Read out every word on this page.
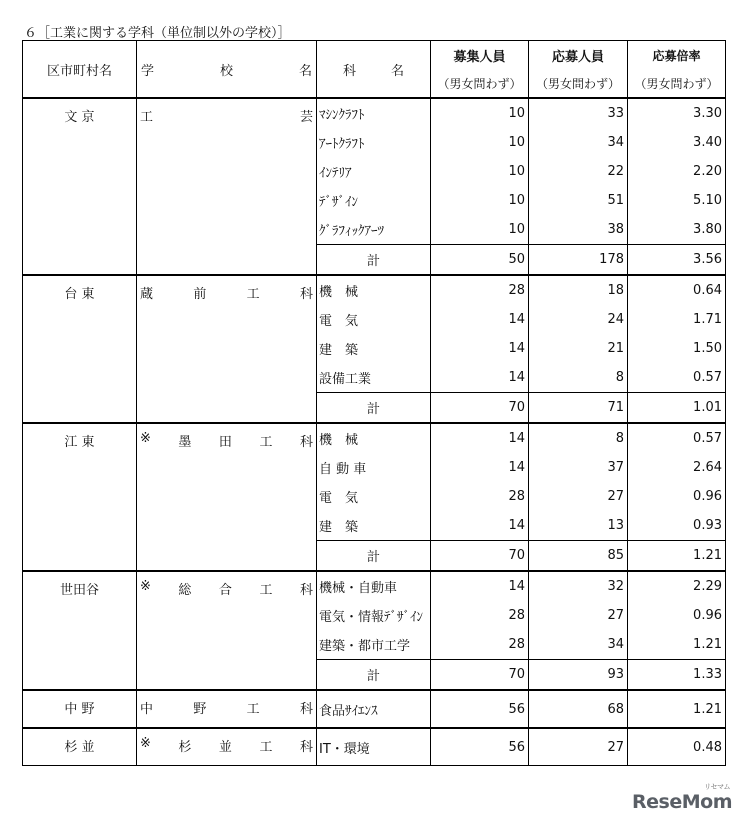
６［工業に関する学科（単位制以外の学校）］
区市町村名	学 校 名	科 名	募集人員	応募人員	応募倍率
			（男女問わず）	（男女問わず）	（男女問わず）
文 京	工 芸	ﾏｼﾝｸﾗﾌﾄ	10	33	3.30
		ｱｰﾄｸﾗﾌﾄ	10	34	3.40
		ｲﾝﾃﾘｱ	10	22	2.20
		ﾃﾞｻﾞｲﾝ	10	51	5.10
		ｸﾞﾗﾌｨｯｸｱｰﾂ	10	38	3.80
		計	50	178	3.56
台 東	蔵 前 工 科	機　械	28	18	0.64
		電　気	14	24	1.71
		建　築	14	21	1.50
		設備工業	14	8	0.57
		計	70	71	1.01
江 東	※ 墨 田 工 科	機　械	14	8	0.57
		自 動 車	14	37	2.64
		電　気	28	27	0.96
		建　築	14	13	0.93
		計	70	85	1.21
世田谷	※ 総 合 工 科	機械・自動車	14	32	2.29
		電気・情報ﾃﾞｻﾞｲﾝ	28	27	0.96
		建築・都市工学	28	34	1.21
		計	70	93	1.33
中 野	中 野 工 科	食品ｻｲｴﾝｽ	56	68	1.21
杉 並	※ 杉 並 工 科	IT・環境	56	27	0.48
ReseMom
リセマム
